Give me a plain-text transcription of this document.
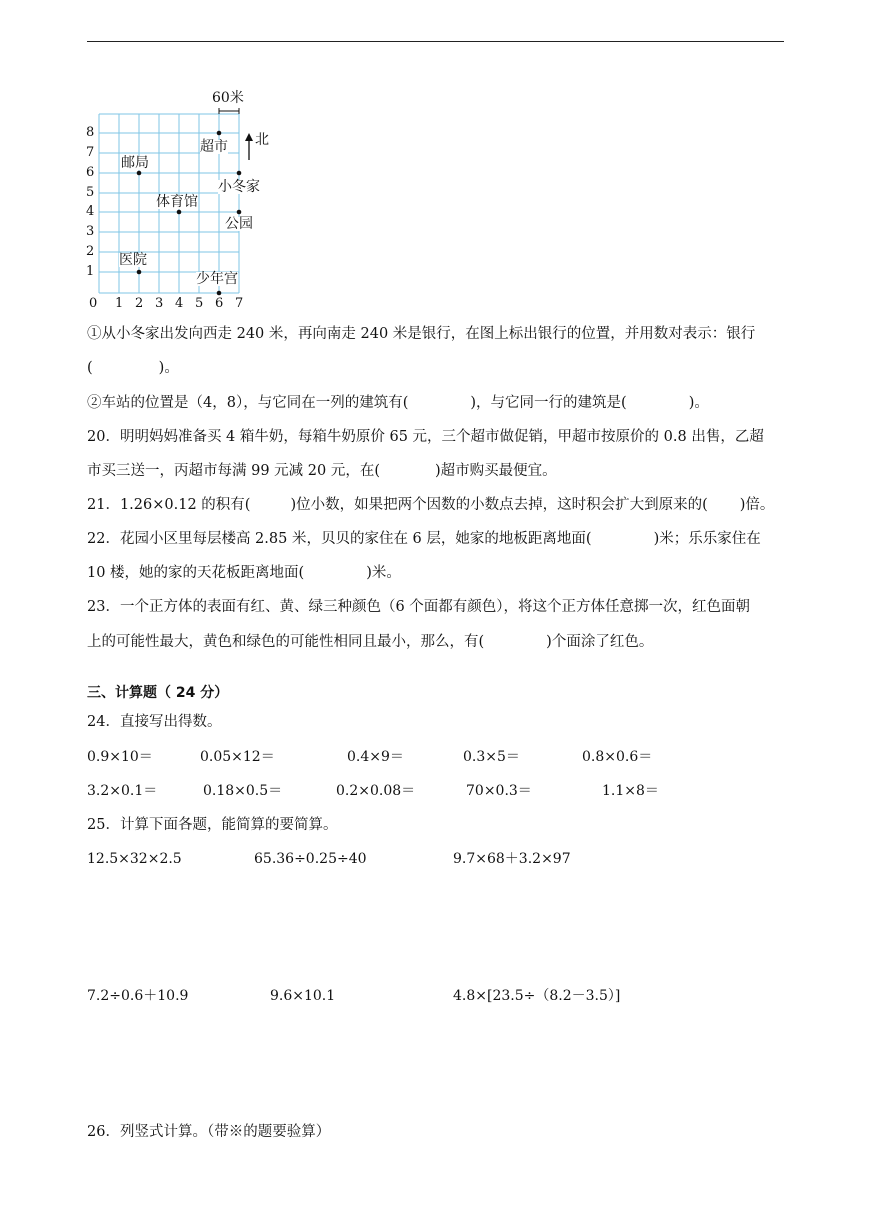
60米
北
8
7
6
5
4
3
2
1
0 1 2 3 4 5 6 7
超市
邮局
小冬家
体育馆
公园
医院
少年宫
①从小冬家出发向西走 240 米，再向南走 240 米是银行，在图上标出银行的位置，并用数对表示：银行
(	)。
②车站的位置是（4，8），与它同在一列的建筑有(	)，与它同一行的建筑是(	)。
20．明明妈妈准备买 4 箱牛奶，每箱牛奶原价 65 元，三个超市做促销，甲超市按原价的 0.8 出售，乙超
市买三送一，丙超市每满 99 元减 20 元，在(	)超市购买最便宜。
21．1.26×0.12 的积有(	)位小数，如果把两个因数的小数点去掉，这时积会扩大到原来的( )倍。
22．花园小区里每层楼高 2.85 米，贝贝的家住在 6 层，她家的地板距离地面(	)米；乐乐家住在
10 楼，她的家的天花板距离地面(	)米。
23．一个正方体的表面有红、黄、绿三种颜色（6 个面都有颜色），将这个正方体任意掷一次，红色面朝
上的可能性最大，黄色和绿色的可能性相同且最小，那么，有(	)个面涂了红色。
三、计算题（ 24 分）
24．直接写出得数。
0.9×10＝	0.05×12＝	0.4×9＝	0.3×5＝	0.8×0.6＝
3.2×0.1＝	0.18×0.5＝	0.2×0.08＝	70×0.3＝	1.1×8＝
25．计算下面各题，能简算的要简算。
12.5×32×2.5	65.36÷0.25÷40	9.7×68＋3.2×97
7.2÷0.6＋10.9	9.6×10.1	4.8×[23.5÷（8.2－3.5）]
26．列竖式计算。（带※的题要验算）
